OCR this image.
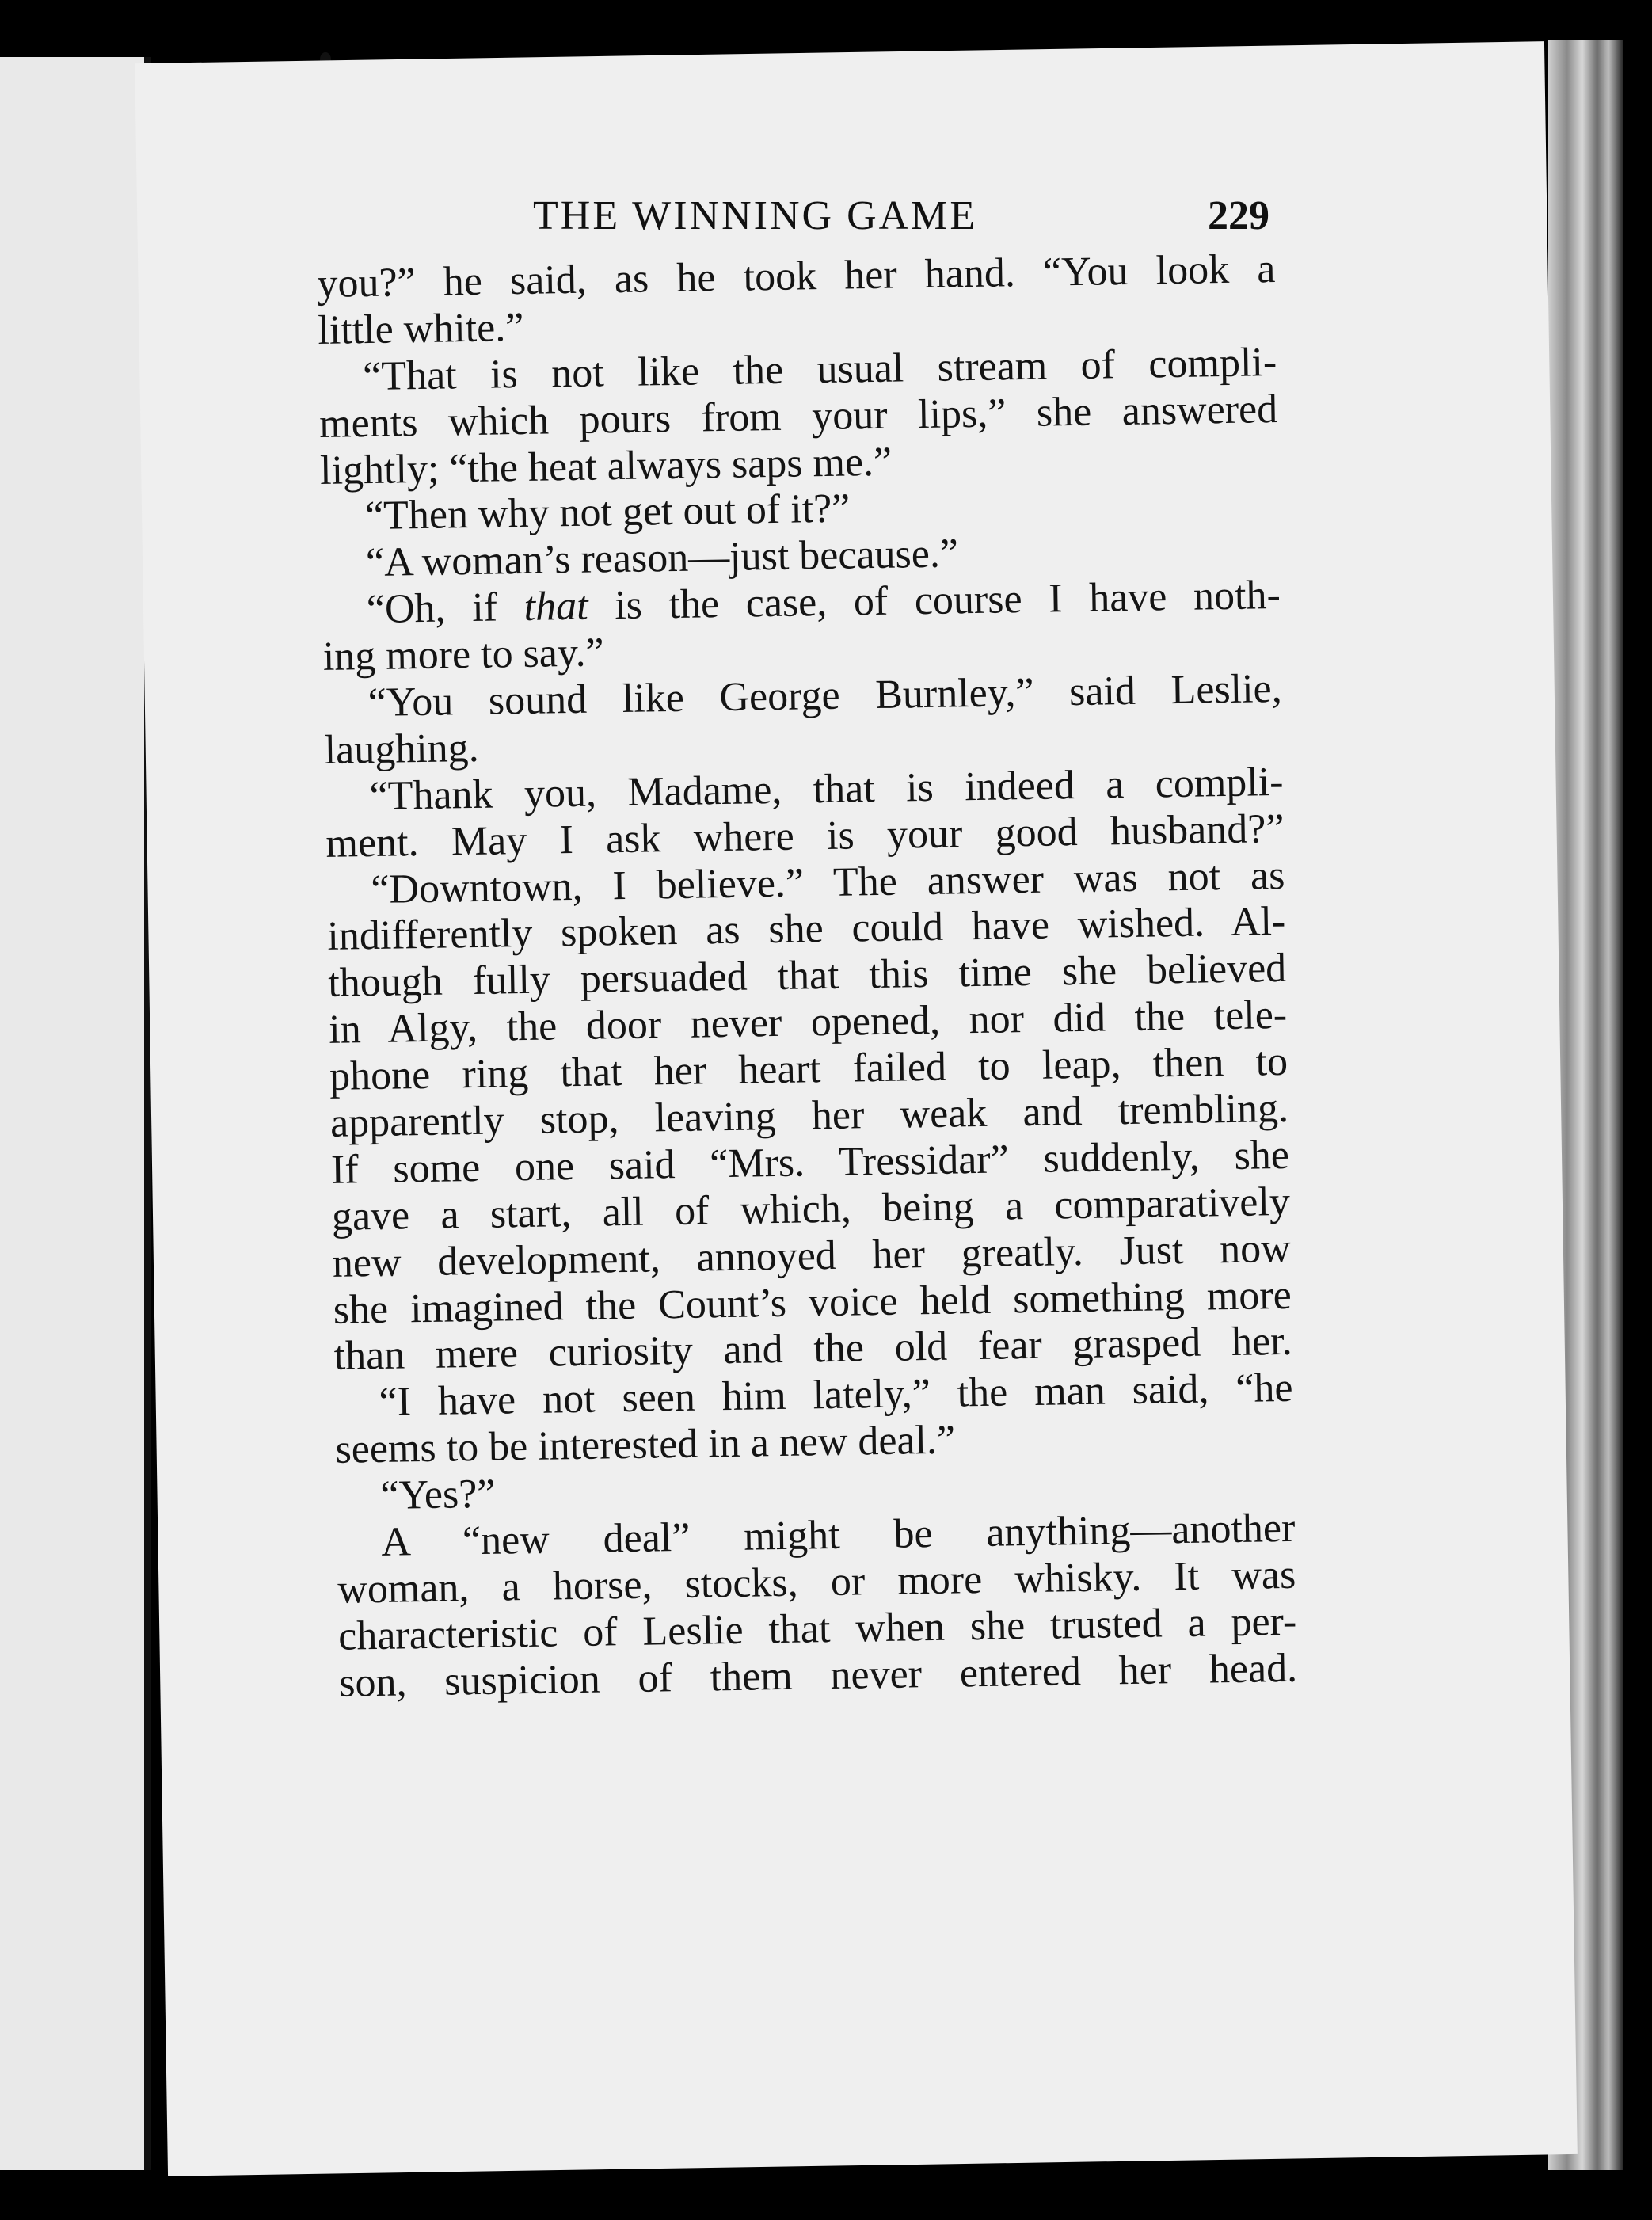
THE WINNING GAME	229
you?” he said, as he took her hand. “You look a
little white.”
“That is not like the usual stream of compli-
ments which pours from your lips,” she answered
lightly; “the heat always saps me.”
“Then why not get out of it?”
“A woman’s reason—just because.”
“Oh, if that is the case, of course I have noth-
ing more to say.”
“You sound like George Burnley,” said Leslie,
laughing.
“Thank you, Madame, that is indeed a compli-
ment. May I ask where is your good husband?”
“Downtown, I believe.” The answer was not as
indifferently spoken as she could have wished. Al-
though fully persuaded that this time she believed
in Algy, the door never opened, nor did the tele-
phone ring that her heart failed to leap, then to
apparently stop, leaving her weak and trembling.
If some one said “Mrs. Tressidar” suddenly, she
gave a start, all of which, being a comparatively
new development, annoyed her greatly. Just now
she imagined the Count’s voice held something more
than mere curiosity and the old fear grasped her.
“I have not seen him lately,” the man said, “he
seems to be interested in a new deal.”
“Yes?”
A “new deal” might be anything—another
woman, a horse, stocks, or more whisky. It was
characteristic of Leslie that when she trusted a per-
son, suspicion of them never entered her head.
